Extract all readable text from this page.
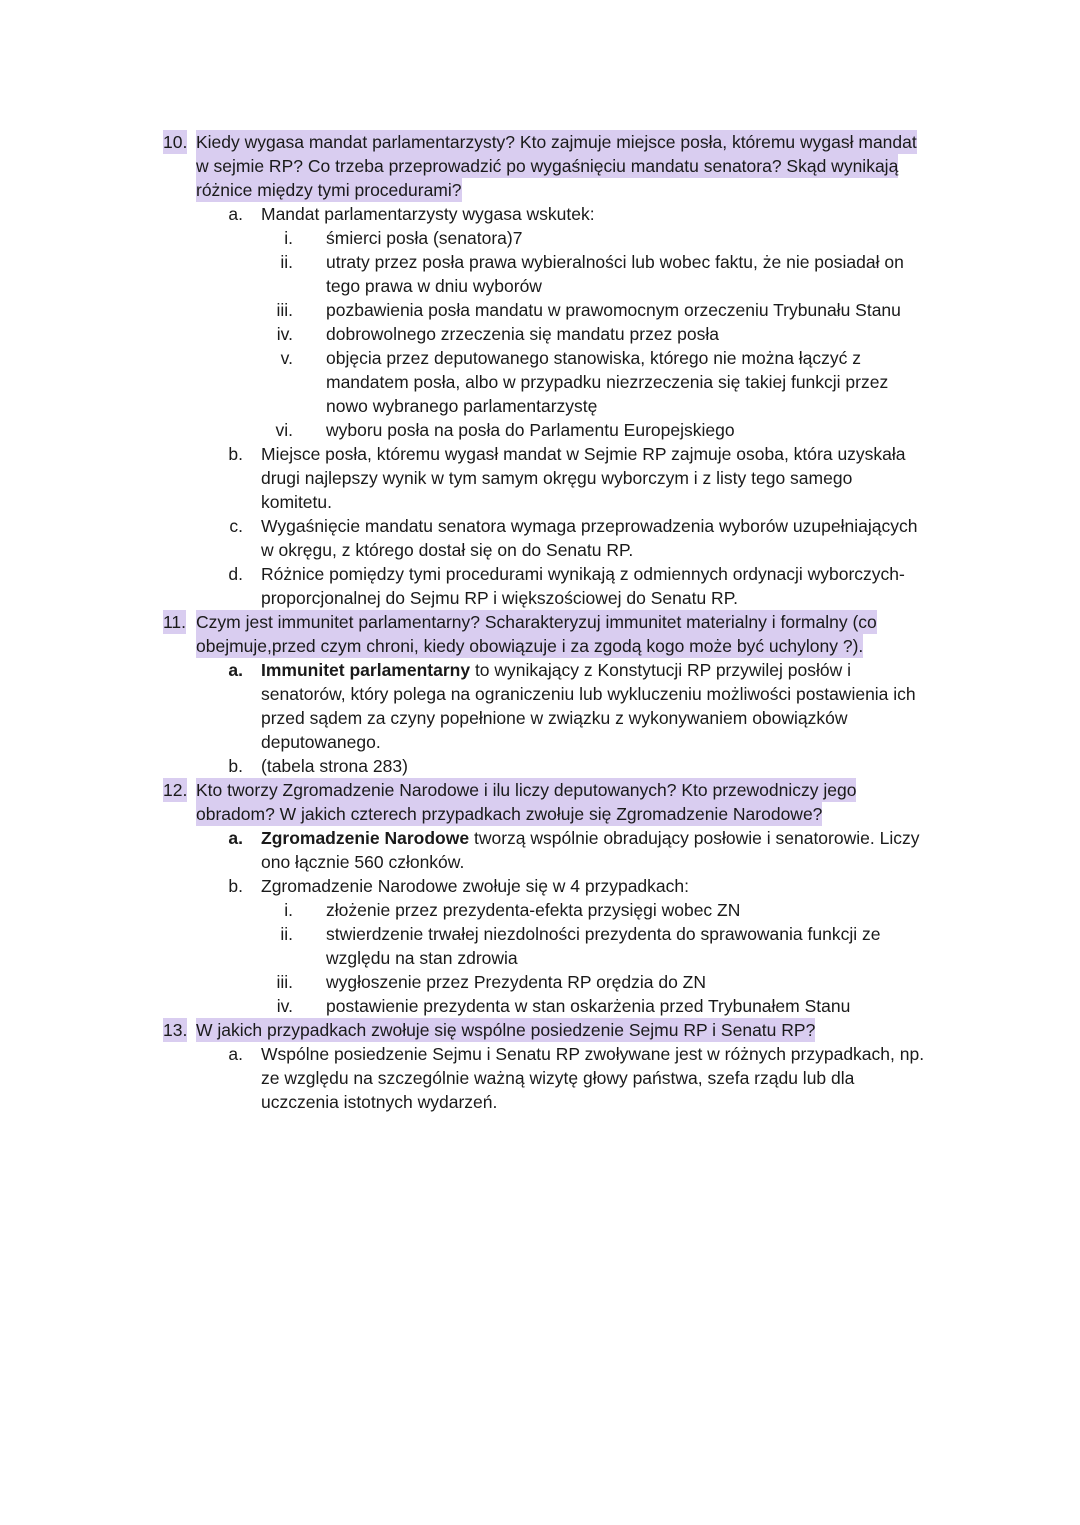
10. Kiedy wygasa mandat parlamentarzysty? Kto zajmuje miejsce posła, któremu wygasł mandat
w sejmie RP? Co trzeba przeprowadzić po wygaśnięciu mandatu senatora? Skąd wynikają
różnice między tymi procedurami?
a. Mandat parlamentarzysty wygasa wskutek:
i. śmierci posła (senatora)7
ii. utraty przez posła prawa wybieralności lub wobec faktu, że nie posiadał on
tego prawa w dniu wyborów
iii. pozbawienia posła mandatu w prawomocnym orzeczeniu Trybunału Stanu
iv. dobrowolnego zrzeczenia się mandatu przez posła
v. objęcia przez deputowanego stanowiska, którego nie można łączyć z
mandatem posła, albo w przypadku niezrzeczenia się takiej funkcji przez
nowo wybranego parlamentarzystę
vi. wyboru posła na posła do Parlamentu Europejskiego
b. Miejsce posła, któremu wygasł mandat w Sejmie RP zajmuje osoba, która uzyskała
drugi najlepszy wynik w tym samym okręgu wyborczym i z listy tego samego
komitetu.
c. Wygaśnięcie mandatu senatora wymaga przeprowadzenia wyborów uzupełniających
w okręgu, z którego dostał się on do Senatu RP.
d. Różnice pomiędzy tymi procedurami wynikają z odmiennych ordynacji wyborczych-
proporcjonalnej do Sejmu RP i większościowej do Senatu RP.
11. Czym jest immunitet parlamentarny? Scharakteryzuj immunitet materialny i formalny (co
obejmuje,przed czym chroni, kiedy obowiązuje i za zgodą kogo może być uchylony ?).
a. Immunitet parlamentarny to wynikający z Konstytucji RP przywilej posłów i
senatorów, który polega na ograniczeniu lub wykluczeniu możliwości postawienia ich
przed sądem za czyny popełnione w związku z wykonywaniem obowiązków
deputowanego.
b. (tabela strona 283)
12. Kto tworzy Zgromadzenie Narodowe i ilu liczy deputowanych? Kto przewodniczy jego
obradom? W jakich czterech przypadkach zwołuje się Zgromadzenie Narodowe?
a. Zgromadzenie Narodowe tworzą wspólnie obradujący posłowie i senatorowie. Liczy
ono łącznie 560 członków.
b. Zgromadzenie Narodowe zwołuje się w 4 przypadkach:
i. złożenie przez prezydenta-efekta przysięgi wobec ZN
ii. stwierdzenie trwałej niezdolności prezydenta do sprawowania funkcji ze
względu na stan zdrowia
iii. wygłoszenie przez Prezydenta RP orędzia do ZN
iv. postawienie prezydenta w stan oskarżenia przed Trybunałem Stanu
13. W jakich przypadkach zwołuje się wspólne posiedzenie Sejmu RP i Senatu RP?
a. Wspólne posiedzenie Sejmu i Senatu RP zwoływane jest w różnych przypadkach, np.
ze względu na szczególnie ważną wizytę głowy państwa, szefa rządu lub dla
uczczenia istotnych wydarzeń.
